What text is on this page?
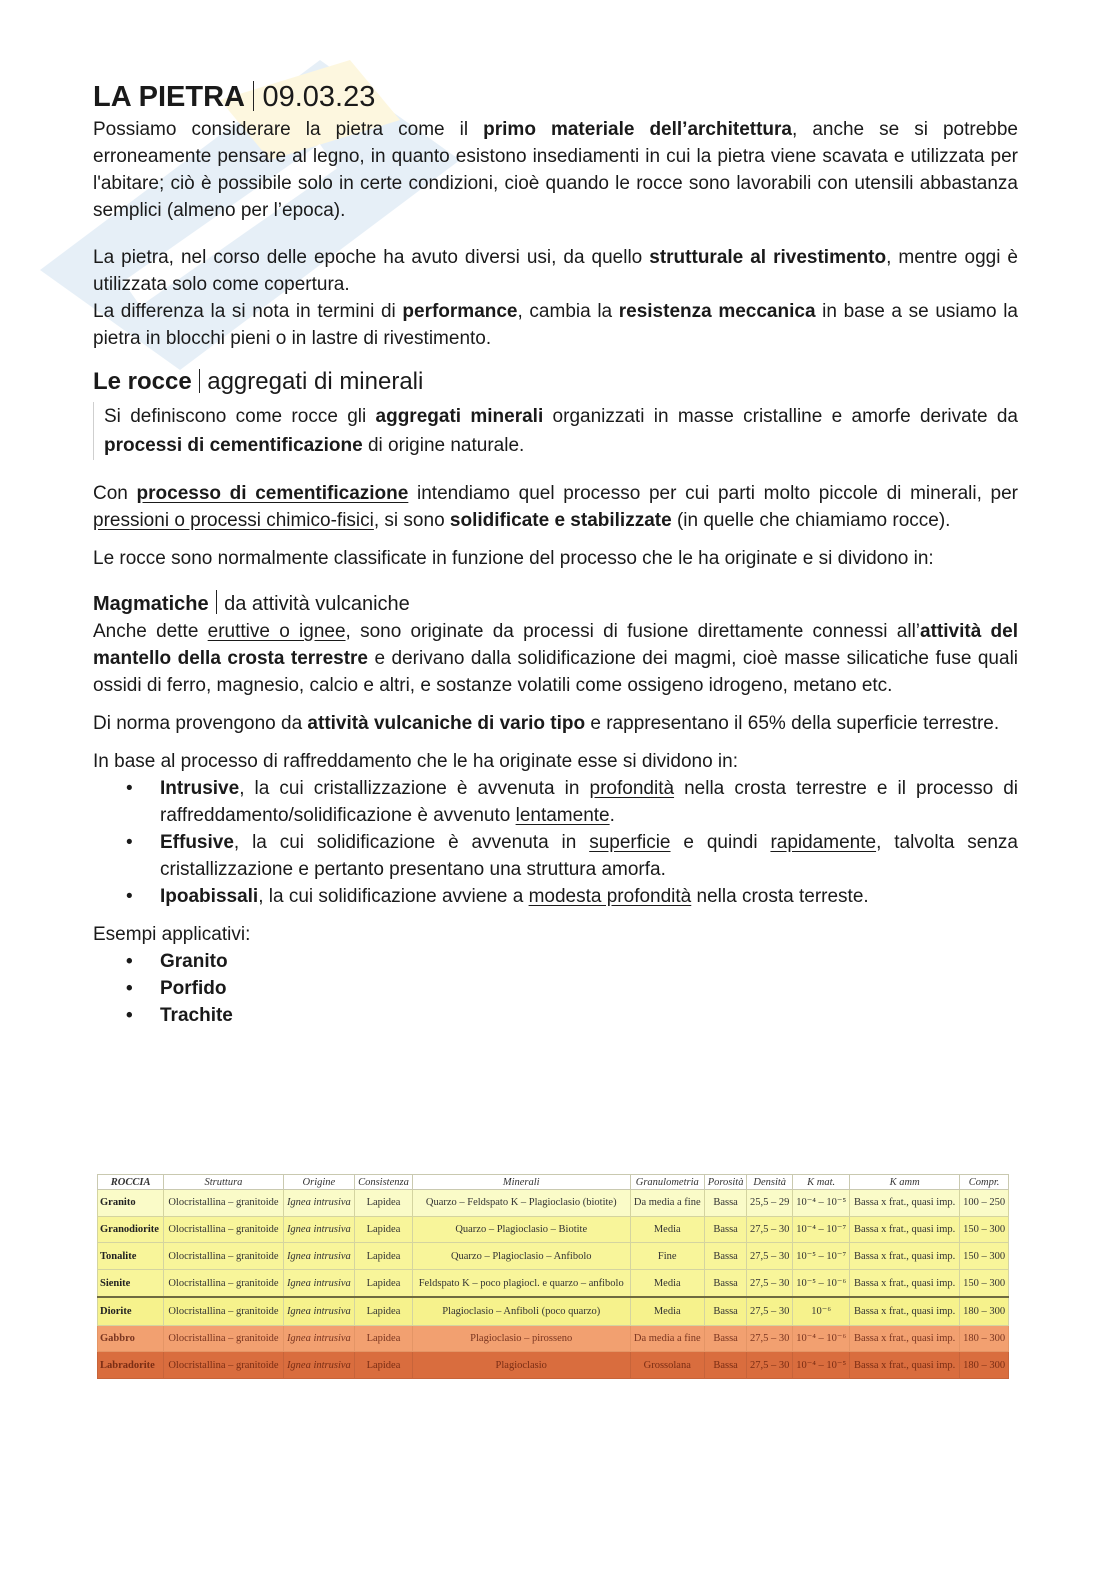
LA PIETRA 09.03.23

Possiamo considerare la pietra come il primo materiale dell’architettura, anche se si potrebbe erroneamente pensare al legno, in quanto esistono insediamenti in cui la pietra viene scavata e utilizzata per l'abitare; ciò è possibile solo in certe condizioni, cioè quando le rocce sono lavorabili con utensili abbastanza semplici (almeno per l’epoca).

La pietra, nel corso delle epoche ha avuto diversi usi, da quello strutturale al rivestimento, mentre oggi è utilizzata solo come copertura.

La differenza la si nota in termini di performance, cambia la resistenza meccanica in base a se usiamo la pietra in blocchi pieni o in lastre di rivestimento.

Le rocce aggregati di minerali

Si definiscono come rocce gli aggregati minerali organizzati in masse cristalline e amorfe derivate da processi di cementificazione di origine naturale.

Con processo di cementificazione intendiamo quel processo per cui parti molto piccole di minerali, per pressioni o processi chimico-fisici, si sono solidificate e stabilizzate (in quelle che chiamiamo rocce).

Le rocce sono normalmente classificate in funzione del processo che le ha originate e si dividono in:

Magmatiche da attività vulcaniche

Anche dette eruttive o ignee, sono originate da processi di fusione direttamente connessi all’attività del mantello della crosta terrestre e derivano dalla solidificazione dei magmi, cioè masse silicatiche fuse quali ossidi di ferro, magnesio, calcio e altri, e sostanze volatili come ossigeno idrogeno, metano etc.

Di norma provengono da attività vulcaniche di vario tipo e rappresentano il 65% della superficie terrestre.

In base al processo di raffreddamento che le ha originate esse si dividono in:

• Intrusive, la cui cristallizzazione è avvenuta in profondità nella crosta terrestre e il processo di raffreddamento/solidificazione è avvenuto lentamente.
• Effusive, la cui solidificazione è avvenuta in superficie e quindi rapidamente, talvolta senza cristallizzazione e pertanto presentano una struttura amorfa.
• Ipoabissali, la cui solidificazione avviene a modesta profondità nella crosta terreste.

Esempi applicativi:

• Granito
• Porfido
• Trachite
ROCCIA	Struttura	Origine	Consistenza	Minerali	Granulometria	Porosità	Densità	K mat.	K amm	Compr.
Granito	Olocristallina – granitoide	Ignea intrusiva	Lapidea	Quarzo – Feldspato K – Plagioclasio (biotite)	Da media a fine	Bassa	25,5 – 29	10⁻⁴ – 10⁻⁵	Bassa x frat., quasi imp.	100 – 250
Granodiorite	Olocristallina – granitoide	Ignea intrusiva	Lapidea	Quarzo – Plagioclasio – Biotite	Media	Bassa	27,5 – 30	10⁻⁴ – 10⁻⁷	Bassa x frat., quasi imp.	150 – 300
Tonalite	Olocristallina – granitoide	Ignea intrusiva	Lapidea	Quarzo – Plagioclasio – Anfibolo	Fine	Bassa	27,5 – 30	10⁻⁵ – 10⁻⁷	Bassa x frat., quasi imp.	150 – 300
Sienite	Olocristallina – granitoide	Ignea intrusiva	Lapidea	Feldspato K – poco plagiocl. e quarzo – anfibolo	Media	Bassa	27,5 – 30	10⁻⁵ – 10⁻⁶	Bassa x frat., quasi imp.	150 – 300
Diorite	Olocristallina – granitoide	Ignea intrusiva	Lapidea	Plagioclasio – Anfiboli (poco quarzo)	Media	Bassa	27,5 – 30	10⁻⁶	Bassa x frat., quasi imp.	180 – 300
Gabbro	Olocristallina – granitoide	Ignea intrusiva	Lapidea	Plagioclasio – pirosseno	Da media a fine	Bassa	27,5 – 30	10⁻⁴ – 10⁻⁶	Bassa x frat., quasi imp.	180 – 300
Labradorite	Olocristallina – granitoide	Ignea intrusiva	Lapidea	Plagioclasio	Grossolana	Bassa	27,5 – 30	10⁻⁴ – 10⁻⁵	Bassa x frat., quasi imp.	180 – 300
